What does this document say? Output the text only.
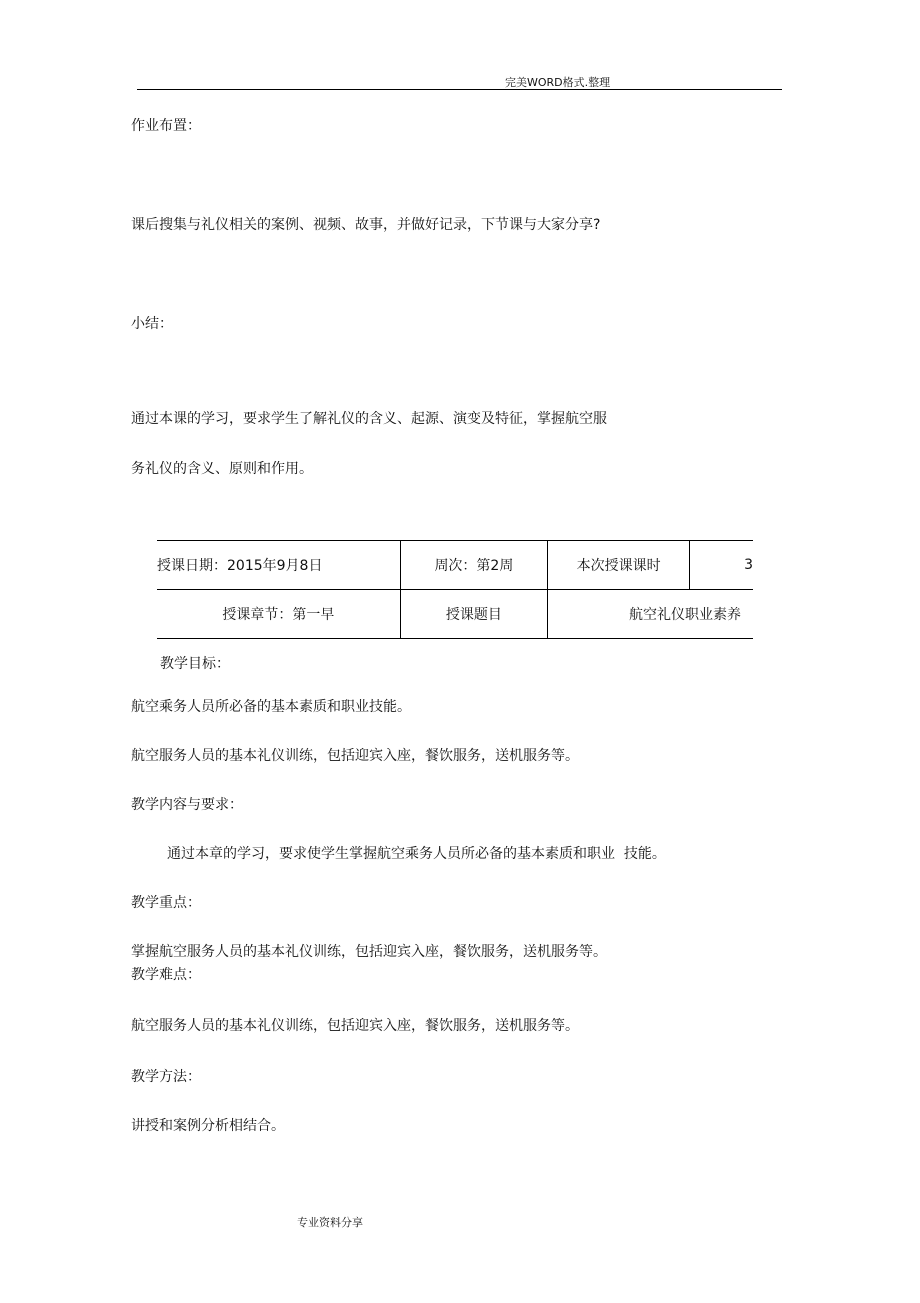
完美WORD格式.整理
作业布置：
课后搜集与礼仪相关的案例、视频、故事，并做好记录，下节课与大家分享?
小结：
通过本课的学习，要求学生了解礼仪的含义、起源、演变及特征，掌握航空服
务礼仪的含义、原则和作用。
授课日期：2015年9月8日	周次：第2周	本次授课课时	3
授课章节：第一早	授课题目	航空礼仪职业素养	
教学目标：
航空乘务人员所必备的基本素质和职业技能。
航空服务人员的基本礼仪训练，包括迎宾入座，餐饮服务，送机服务等。
教学内容与要求：
通过本章的学习，要求使学生掌握航空乘务人员所必备的基本素质和职业  技能。
教学重点：
掌握航空服务人员的基本礼仪训练，包括迎宾入座，餐饮服务，送机服务等。
教学难点：
航空服务人员的基本礼仪训练，包括迎宾入座，餐饮服务，送机服务等。
教学方法：
讲授和案例分析相结合。
专业资料分享
